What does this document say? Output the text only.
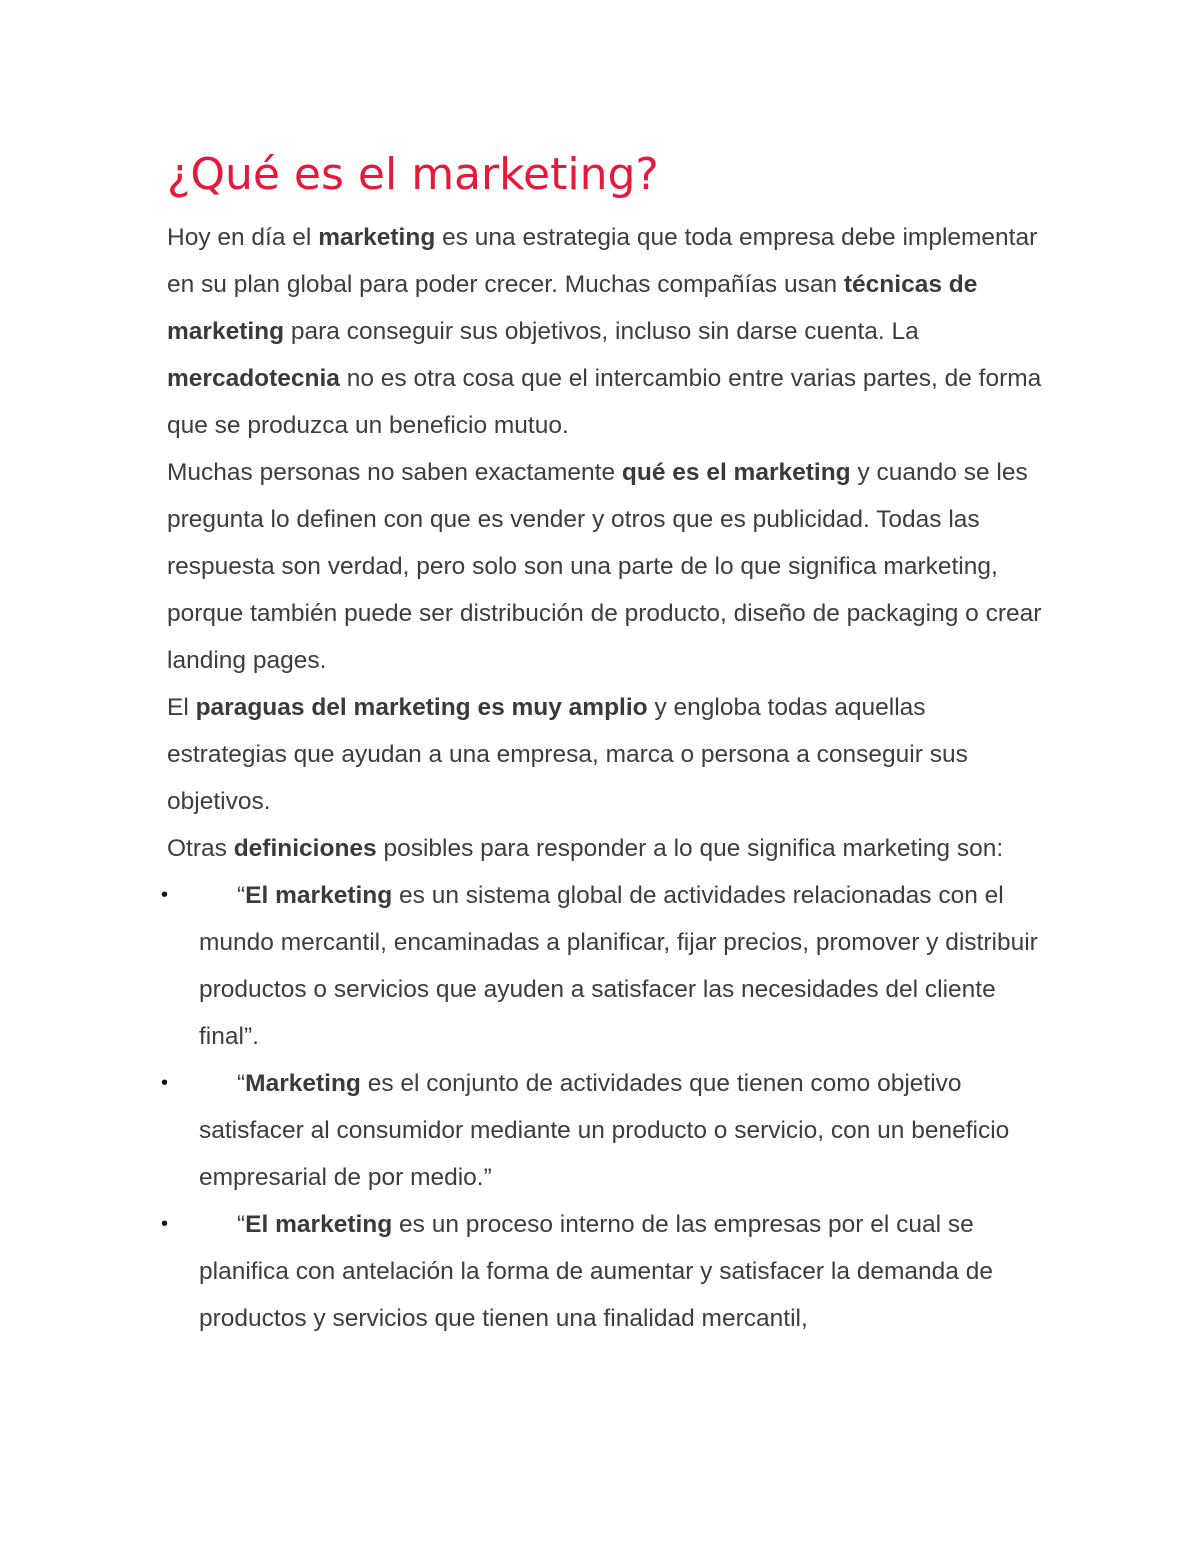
¿Qué es el marketing?

Hoy en día el marketing es una estrategia que toda empresa debe implementar en su plan global para poder crecer. Muchas compañías usan técnicas de marketing para conseguir sus objetivos, incluso sin darse cuenta. La mercadotecnia no es otra cosa que el intercambio entre varias partes, de forma que se produzca un beneficio mutuo.

Muchas personas no saben exactamente qué es el marketing y cuando se les pregunta lo definen con que es vender y otros que es publicidad. Todas las respuesta son verdad, pero solo son una parte de lo que significa marketing, porque también puede ser distribución de producto, diseño de packaging o crear landing pages.

El paraguas del marketing es muy amplio y engloba todas aquellas estrategias que ayudan a una empresa, marca o persona a conseguir sus objetivos.

Otras definiciones posibles para responder a lo que significa marketing son:

•	“El marketing es un sistema global de actividades relacionadas con el mundo mercantil, encaminadas a planificar, fijar precios, promover y distribuir productos o servicios que ayuden a satisfacer las necesidades del cliente final”.
•	“Marketing es el conjunto de actividades que tienen como objetivo satisfacer al consumidor mediante un producto o servicio, con un beneficio empresarial de por medio.”
•	“El marketing es un proceso interno de las empresas por el cual se planifica con antelación la forma de aumentar y satisfacer la demanda de productos y servicios que tienen una finalidad mercantil,
